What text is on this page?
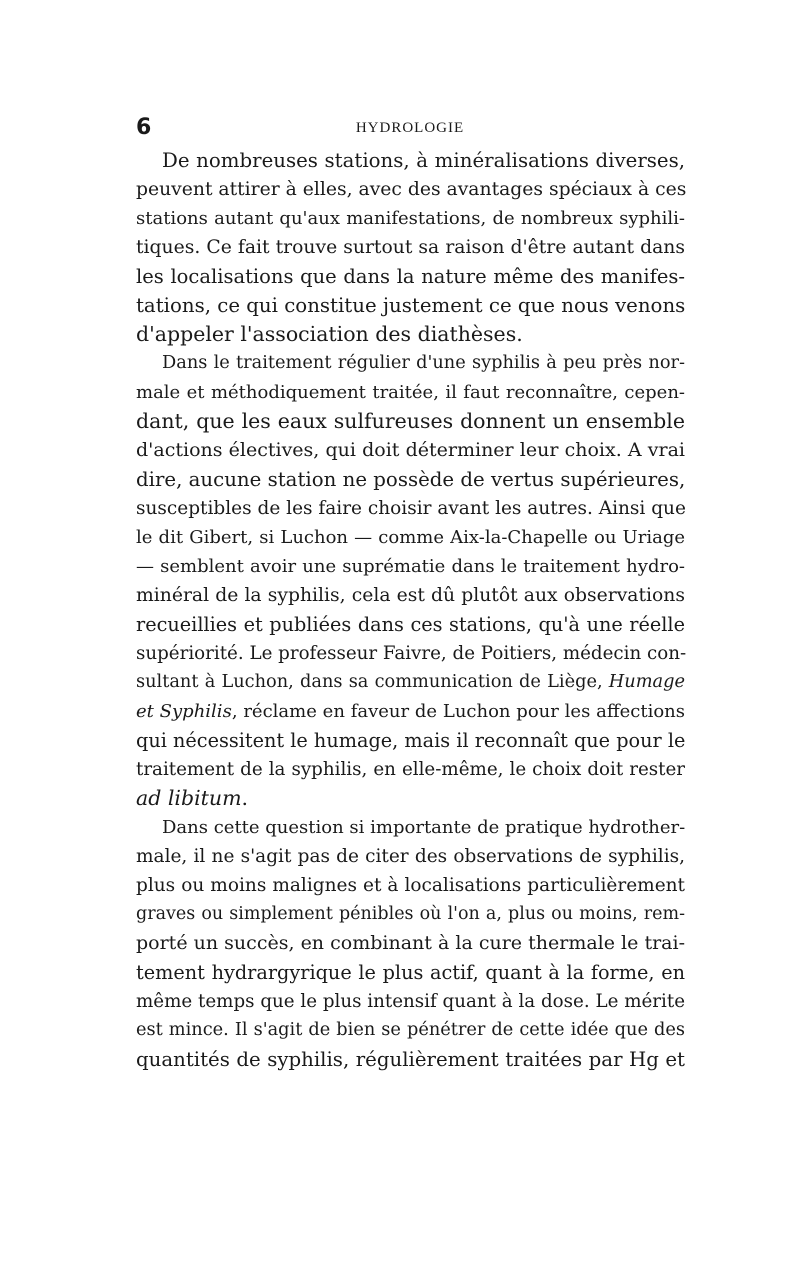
6	HYDROLOGIE
De nombreuses stations, à minéralisations diverses,
peuvent attirer à elles, avec des avantages spéciaux à ces
stations autant qu'aux manifestations, de nombreux syphili-
tiques. Ce fait trouve surtout sa raison d'être autant dans
les localisations que dans la nature même des manifes-
tations, ce qui constitue justement ce que nous venons
d'appeler l'association des diathèses.
Dans le traitement régulier d'une syphilis à peu près nor-
male et méthodiquement traitée, il faut reconnaître, cepen-
dant, que les eaux sulfureuses donnent un ensemble
d'actions électives, qui doit déterminer leur choix. A vrai
dire, aucune station ne possède de vertus supérieures,
susceptibles de les faire choisir avant les autres. Ainsi que
le dit Gibert, si Luchon — comme Aix-la-Chapelle ou Uriage
— semblent avoir une suprématie dans le traitement hydro-
minéral de la syphilis, cela est dû plutôt aux observations
recueillies et publiées dans ces stations, qu'à une réelle
supériorité. Le professeur Faivre, de Poitiers, médecin con-
sultant à Luchon, dans sa communication de Liège, Humage
et Syphilis, réclame en faveur de Luchon pour les affections
qui nécessitent le humage, mais il reconnaît que pour le
traitement de la syphilis, en elle-même, le choix doit rester
ad libitum.
Dans cette question si importante de pratique hydrother-
male, il ne s'agit pas de citer des observations de syphilis,
plus ou moins malignes et à localisations particulièrement
graves ou simplement pénibles où l'on a, plus ou moins, rem-
porté un succès, en combinant à la cure thermale le trai-
tement hydrargyrique le plus actif, quant à la forme, en
même temps que le plus intensif quant à la dose. Le mérite
est mince. Il s'agit de bien se pénétrer de cette idée que des
quantités de syphilis, régulièrement traitées par Hg et
